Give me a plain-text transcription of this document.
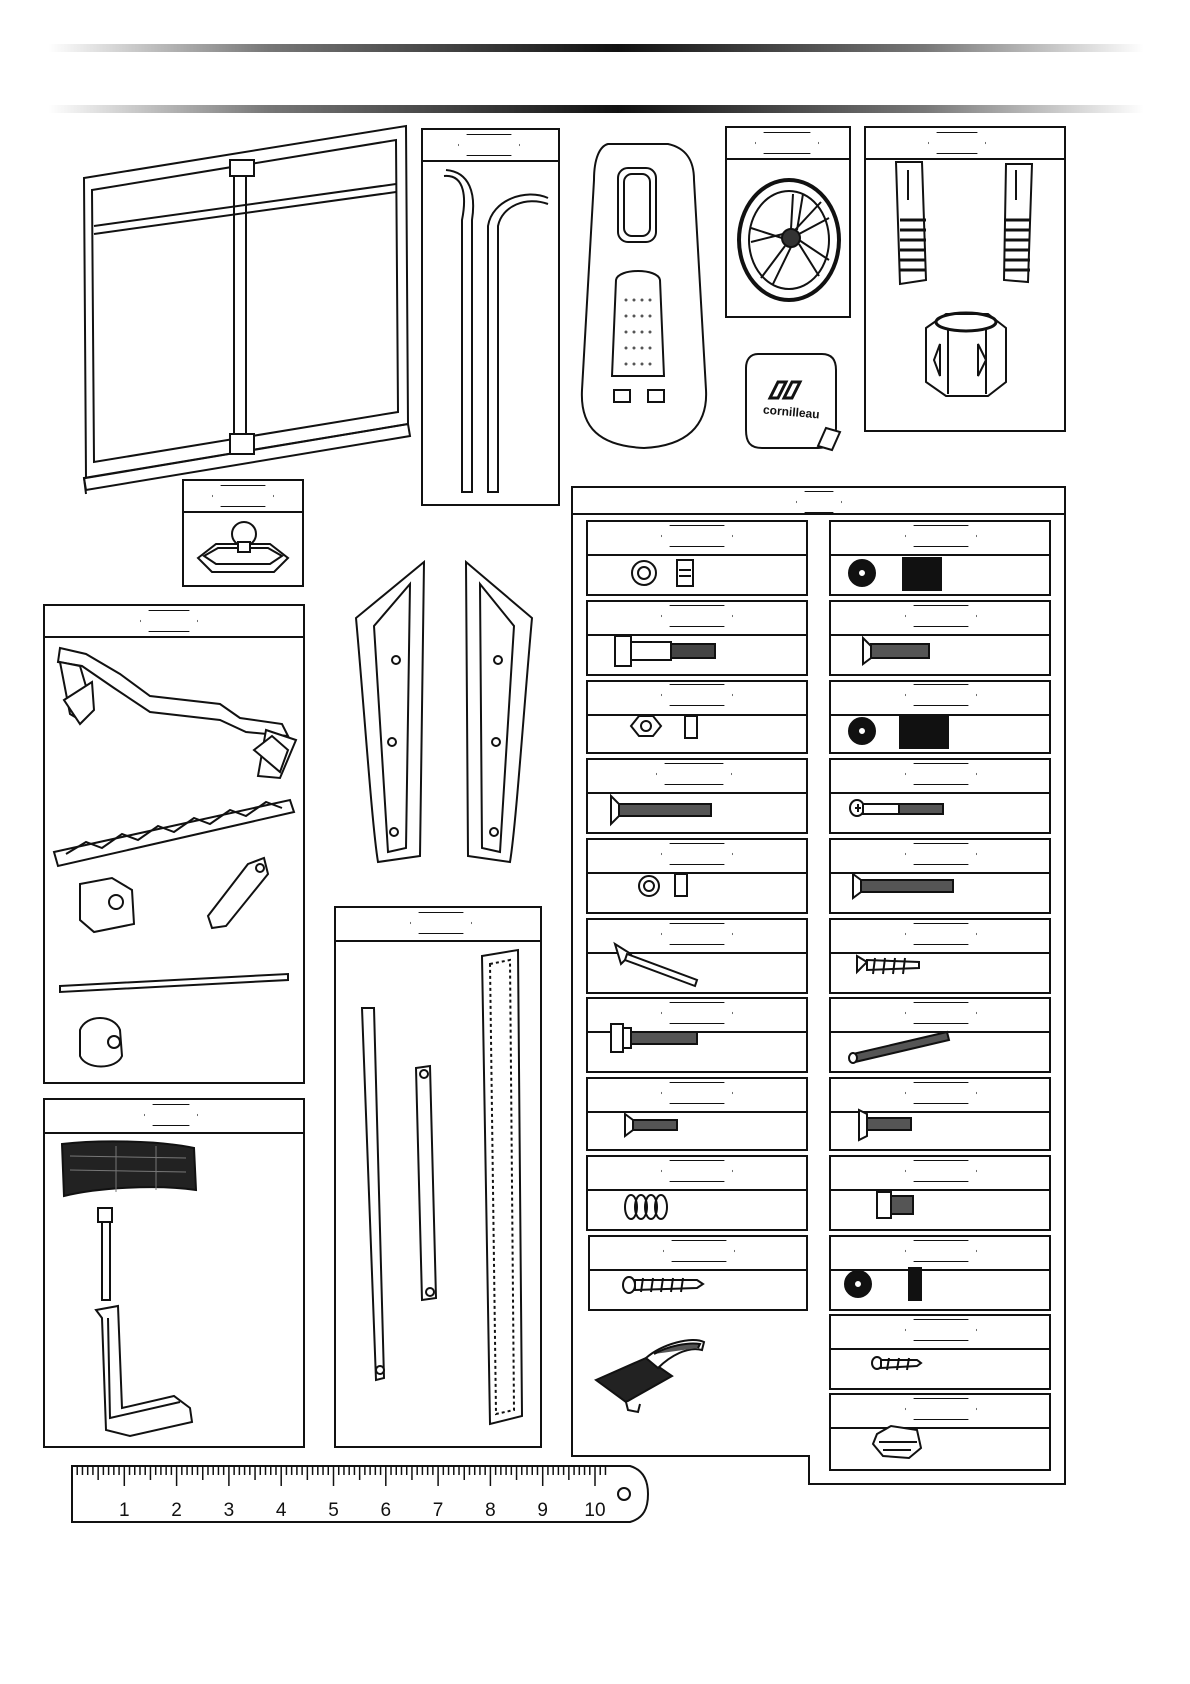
cornilleau
1 2 3 4 5 6 7 8 9 10
